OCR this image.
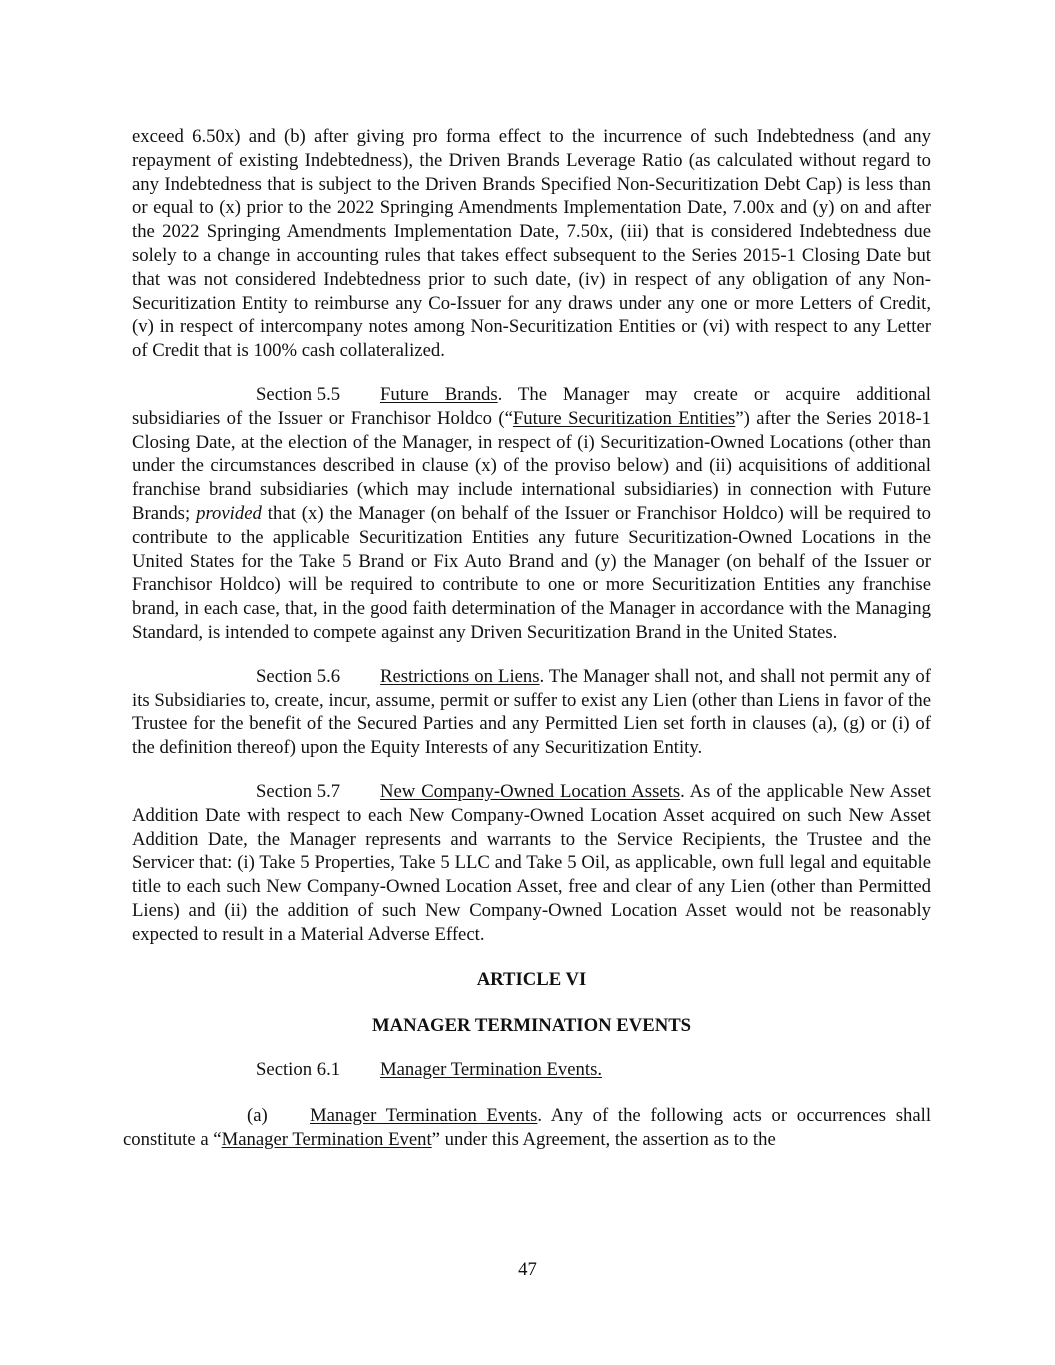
exceed 6.50x) and (b) after giving pro forma effect to the incurrence of such Indebtedness (and any repayment of existing Indebtedness), the Driven Brands Leverage Ratio (as calculated without regard to any Indebtedness that is subject to the Driven Brands Specified Non-Securitization Debt Cap) is less than or equal to (x) prior to the 2022 Springing Amendments Implementation Date, 7.00x and (y) on and after the 2022 Springing Amendments Implementation Date, 7.50x, (iii) that is considered Indebtedness due solely to a change in accounting rules that takes effect subsequent to the Series 2015-1 Closing Date but that was not considered Indebtedness prior to such date, (iv) in respect of any obligation of any Non-Securitization Entity to reimburse any Co-Issuer for any draws under any one or more Letters of Credit, (v) in respect of intercompany notes among Non-Securitization Entities or (vi) with respect to any Letter of Credit that is 100% cash collateralized.

Section 5.5 Future Brands. The Manager may create or acquire additional subsidiaries of the Issuer or Franchisor Holdco (“Future Securitization Entities”) after the Series 2018-1 Closing Date, at the election of the Manager, in respect of (i) Securitization-Owned Locations (other than under the circumstances described in clause (x) of the proviso below) and (ii) acquisitions of additional franchise brand subsidiaries (which may include international subsidiaries) in connection with Future Brands; provided that (x) the Manager (on behalf of the Issuer or Franchisor Holdco) will be required to contribute to the applicable Securitization Entities any future Securitization-Owned Locations in the United States for the Take 5 Brand or Fix Auto Brand and (y) the Manager (on behalf of the Issuer or Franchisor Holdco) will be required to contribute to one or more Securitization Entities any franchise brand, in each case, that, in the good faith determination of the Manager in accordance with the Managing Standard, is intended to compete against any Driven Securitization Brand in the United States.

Section 5.6 Restrictions on Liens. The Manager shall not, and shall not permit any of its Subsidiaries to, create, incur, assume, permit or suffer to exist any Lien (other than Liens in favor of the Trustee for the benefit of the Secured Parties and any Permitted Lien set forth in clauses (a), (g) or (i) of the definition thereof) upon the Equity Interests of any Securitization Entity.

Section 5.7 New Company-Owned Location Assets. As of the applicable New Asset Addition Date with respect to each New Company-Owned Location Asset acquired on such New Asset Addition Date, the Manager represents and warrants to the Service Recipients, the Trustee and the Servicer that: (i) Take 5 Properties, Take 5 LLC and Take 5 Oil, as applicable, own full legal and equitable title to each such New Company-Owned Location Asset, free and clear of any Lien (other than Permitted Liens) and (ii) the addition of such New Company-Owned Location Asset would not be reasonably expected to result in a Material Adverse Effect.

ARTICLE VI
MANAGER TERMINATION EVENTS
Section 6.1 Manager Termination Events.

(a) Manager Termination Events. Any of the following acts or occurrences shall constitute a “Manager Termination Event” under this Agreement, the assertion as to the

47
